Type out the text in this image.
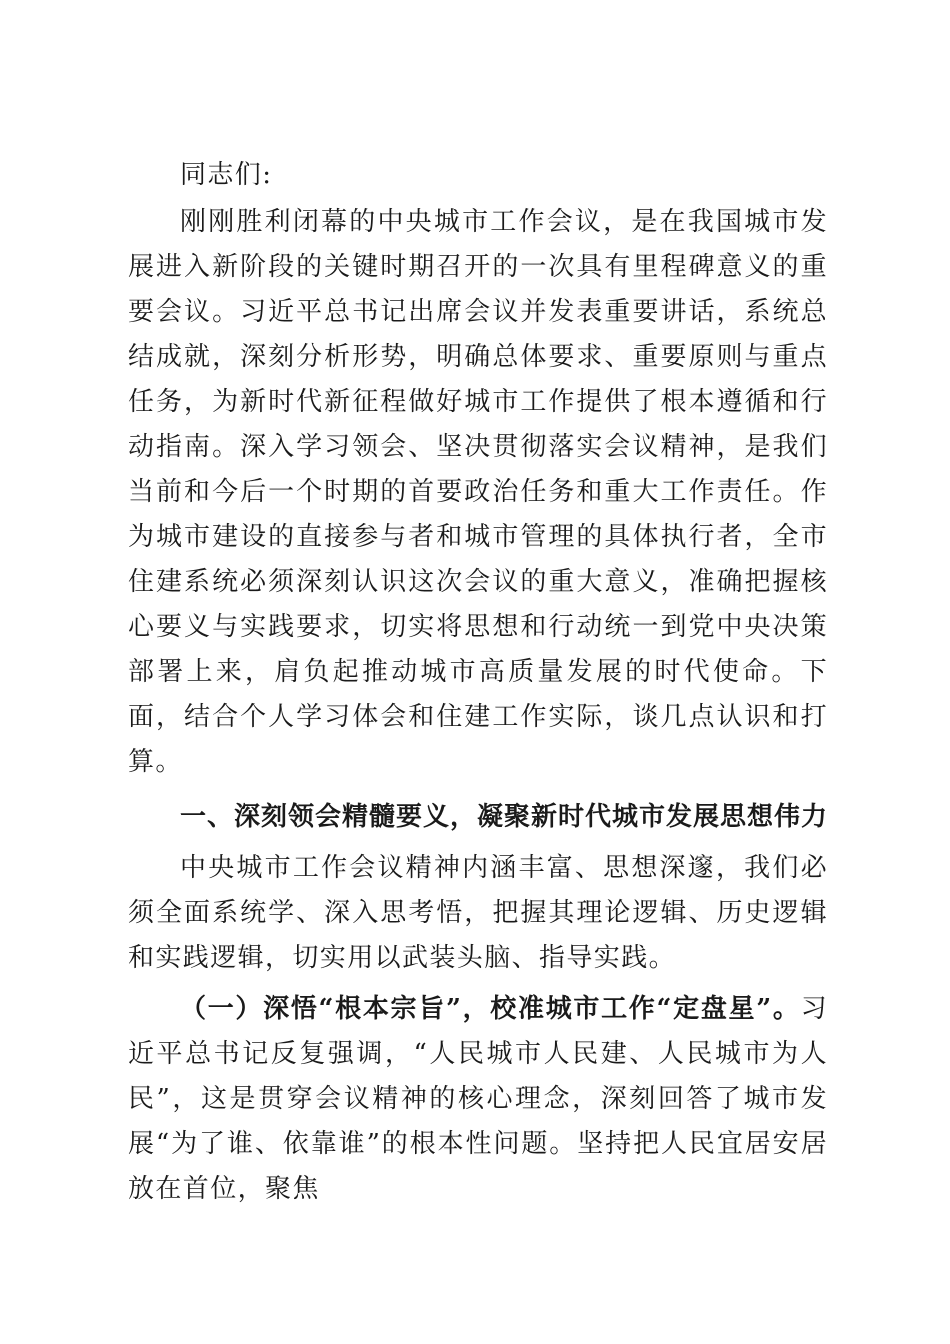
同志们:

刚刚胜利闭幕的中央城市工作会议，是在我国城市发展进入新阶段的关键时期召开的一次具有里程碑意义的重要会议。习近平总书记出席会议并发表重要讲话，系统总结成就，深刻分析形势，明确总体要求、重要原则与重点任务，为新时代新征程做好城市工作提供了根本遵循和行动指南。深入学习领会、坚决贯彻落实会议精神，是我们当前和今后一个时期的首要政治任务和重大工作责任。作为城市建设的直接参与者和城市管理的具体执行者，全市住建系统必须深刻认识这次会议的重大意义，准确把握核心要义与实践要求，切实将思想和行动统一到党中央决策部署上来，肩负起推动城市高质量发展的时代使命。下面，结合个人学习体会和住建工作实际，谈几点认识和打算。

一、深刻领会精髓要义，凝聚新时代城市发展思想伟力

中央城市工作会议精神内涵丰富、思想深邃，我们必须全面系统学、深入思考悟，把握其理论逻辑、历史逻辑和实践逻辑，切实用以武装头脑、指导实践。

（一）深悟“根本宗旨”，校准城市工作“定盘星”。习近平总书记反复强调，“人民城市人民建、人民城市为人民”，这是贯穿会议精神的核心理念，深刻回答了城市发展“为了谁、依靠谁”的根本性问题。坚持把人民宜居安居放在首位，聚焦
